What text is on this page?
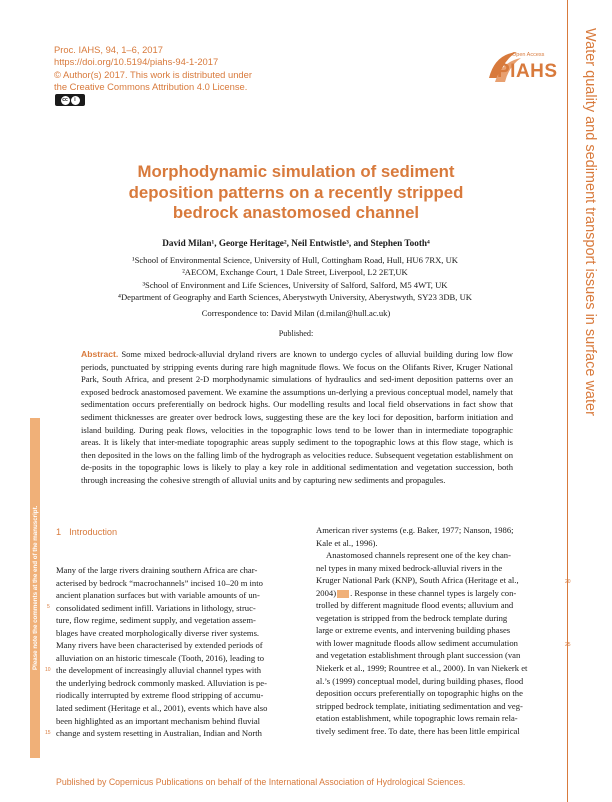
Water quality and sediment transport issues in surface water
Please note the comments at the end of the manuscript.
Proc. IAHS, 94, 1–6, 2017
https://doi.org/10.5194/piahs-94-1-2017
© Author(s) 2017. This work is distributed under
the Creative Commons Attribution 4.0 License.
cc	i
Open Access
PIAHS
Morphodynamic simulation of sediment deposition patterns on a recently stripped bedrock anastomosed channel
David Milan¹, George Heritage², Neil Entwistle³, and Stephen Tooth⁴
¹School of Environmental Science, University of Hull, Cottingham Road, Hull, HU6 7RX, UK
²AECOM, Exchange Court, 1 Dale Street, Liverpool, L2 2ET,UK
³School of Environment and Life Sciences, University of Salford, Salford, M5 4WT, UK
⁴Department of Geography and Earth Sciences, Aberystwyth University, Aberystwyth, SY23 3DB, UK
Correspondence to: David Milan (d.milan@hull.ac.uk)
Published:
Abstract. Some mixed bedrock-alluvial dryland rivers are known to undergo cycles of alluvial building during low flow periods, punctuated by stripping events during rare high magnitude flows. We focus on the Olifants River, Kruger National Park, South Africa, and present 2-D morphodynamic simulations of hydraulics and sed-iment deposition patterns over an exposed bedrock anastomosed pavement. We examine the assumptions un-derlying a previous conceptual model, namely that sedimentation occurs preferentially on bedrock highs. Our modelling results and local field observations in fact show that sediment thicknesses are greater over bedrock lows, suggesting these are the key loci for deposition, barform initiation and island building. During peak flows, velocities in the topographic lows tend to be lower than in intermediate topographic areas. It is likely that inter-mediate topographic areas supply sediment to the topographic lows at this flow stage, which is then deposited in the lows on the falling limb of the hydrograph as velocities reduce. Subsequent vegetation establishment on de-posits in the topographic lows is likely to play a key role in additional sedimentation and vegetation succession, both through increasing the cohesive strength of alluvial units and by capturing new sediments and propagules.
1 Introduction
Many of the large rivers draining southern Africa are char-
acterised by bedrock “macrochannels” incised 10–20 m into
ancient planation surfaces but with variable amounts of un-
consolidated sediment infill. Variations in lithology, struc-
ture, flow regime, sediment supply, and vegetation assem-
blages have created morphologically diverse river systems.
Many rivers have been characterised by extended periods of
alluviation on an historic timescale (Tooth, 2016), leading to
the development of increasingly alluvial channel types with
the underlying bedrock commonly masked. Alluviation is pe-
riodically interrupted by extreme flood stripping of accumu-
lated sediment (Heritage et al., 2001), events which have also
been highlighted as an important mechanism behind fluvial
change and system resetting in Australian, Indian and North
American river systems (e.g. Baker, 1977; Nanson, 1986;
Kale et al., 1996).
Anastomosed channels represent one of the key chan-
nel types in many mixed bedrock-alluvial rivers in the
Kruger National Park (KNP), South Africa (Heritage et al.,
2004) . Response in these channel types is largely con-
trolled by different magnitude flood events; alluvium and
vegetation is stripped from the bedrock template during
large or extreme events, and intervening building phases
with lower magnitude floods allow sediment accumulation
and vegetation establishment through plant succession (van
Niekerk et al., 1999; Rountree et al., 2000). In van Niekerk et
al.’s (1999) conceptual model, during building phases, flood
deposition occurs preferentially on topographic highs on the
stripped bedrock template, initiating sedimentation and veg-
etation establishment, while topographic lows remain rela-
tively sediment free. To date, there has been little empirical
5
10
15
20
25
Published by Copernicus Publications on behalf of the International Association of Hydrological Sciences.
